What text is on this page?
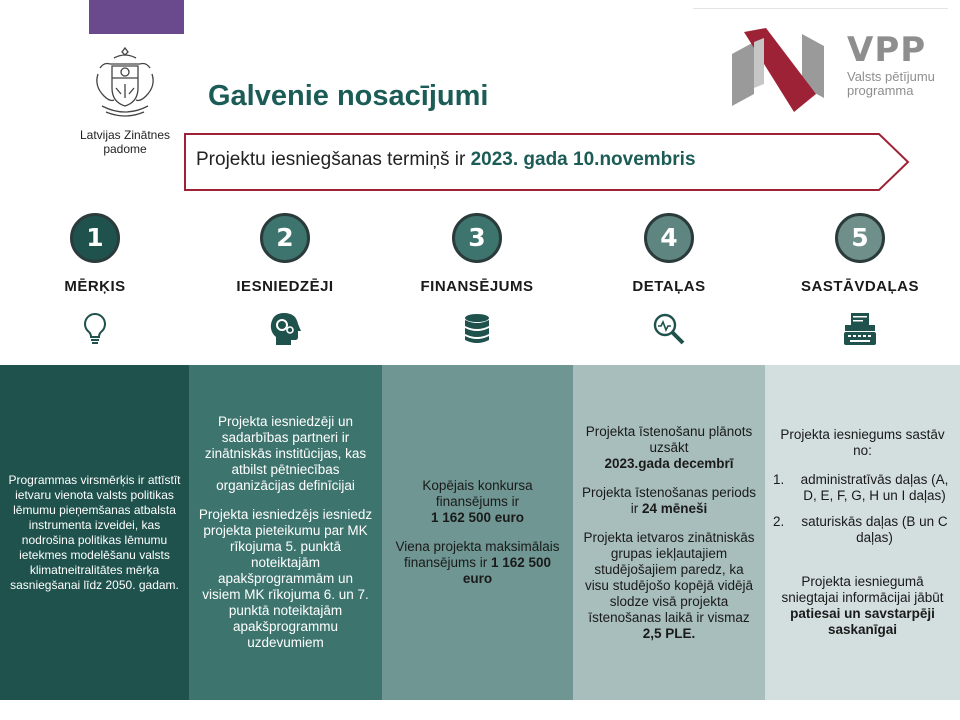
Latvijas Zinātnes
padome
VPP
Valsts pētījumu
programma
Galvenie nosacījumi
Projektu iesniegšanas termiņš ir 2023. gada 10.novembris
1
MĒRĶIS
2
IESNIEDZĒJI
3
FINANSĒJUMS
4
DETAĻAS
5
SASTĀVDAĻAS

Programmas virsmērķis ir attīstīt ietvaru vienota valsts politikas lēmumu pieņemšanas atbalsta instrumenta izveidei, kas nodrošina politikas lēmumu ietekmes modelēšanu valsts klimatneitralitātes mērķa sasniegšanai līdz 2050. gadam.

Projekta iesniedzēji un sadarbības partneri ir zinātniskās institūcijas, kas atbilst pētniecības organizācijas definīcijai

Projekta iesniedzējs iesniedz projekta pieteikumu par MK rīkojuma 5. punktā noteiktajām apakšprogrammām un visiem MK rīkojuma 6. un 7. punktā noteiktajām apakšprogrammu uzdevumiem

Kopējais konkursa finansējums ir
1 162 500 euro

Viena projekta maksimālais finansējums ir 1 162 500 euro

Projekta īstenošanu plānots uzsākt
2023.gada decembrī

Projekta īstenošanas periods ir 24 mēneši

Projekta ietvaros zinātniskās grupas iekļautajiem studējošajiem paredz, ka visu studējošo kopējā vidējā slodze visā projekta īstenošanas laikā ir vismaz 2,5 PLE.

Projekta iesniegums sastāv no:

1.	administratīvās daļas (A, D, E, F, G, H un I daļas)
2.	saturiskās daļas (B un C daļas)

Projekta iesniegumā sniegtajai informācijai jābūt patiesai un savstarpēji saskanīgai
